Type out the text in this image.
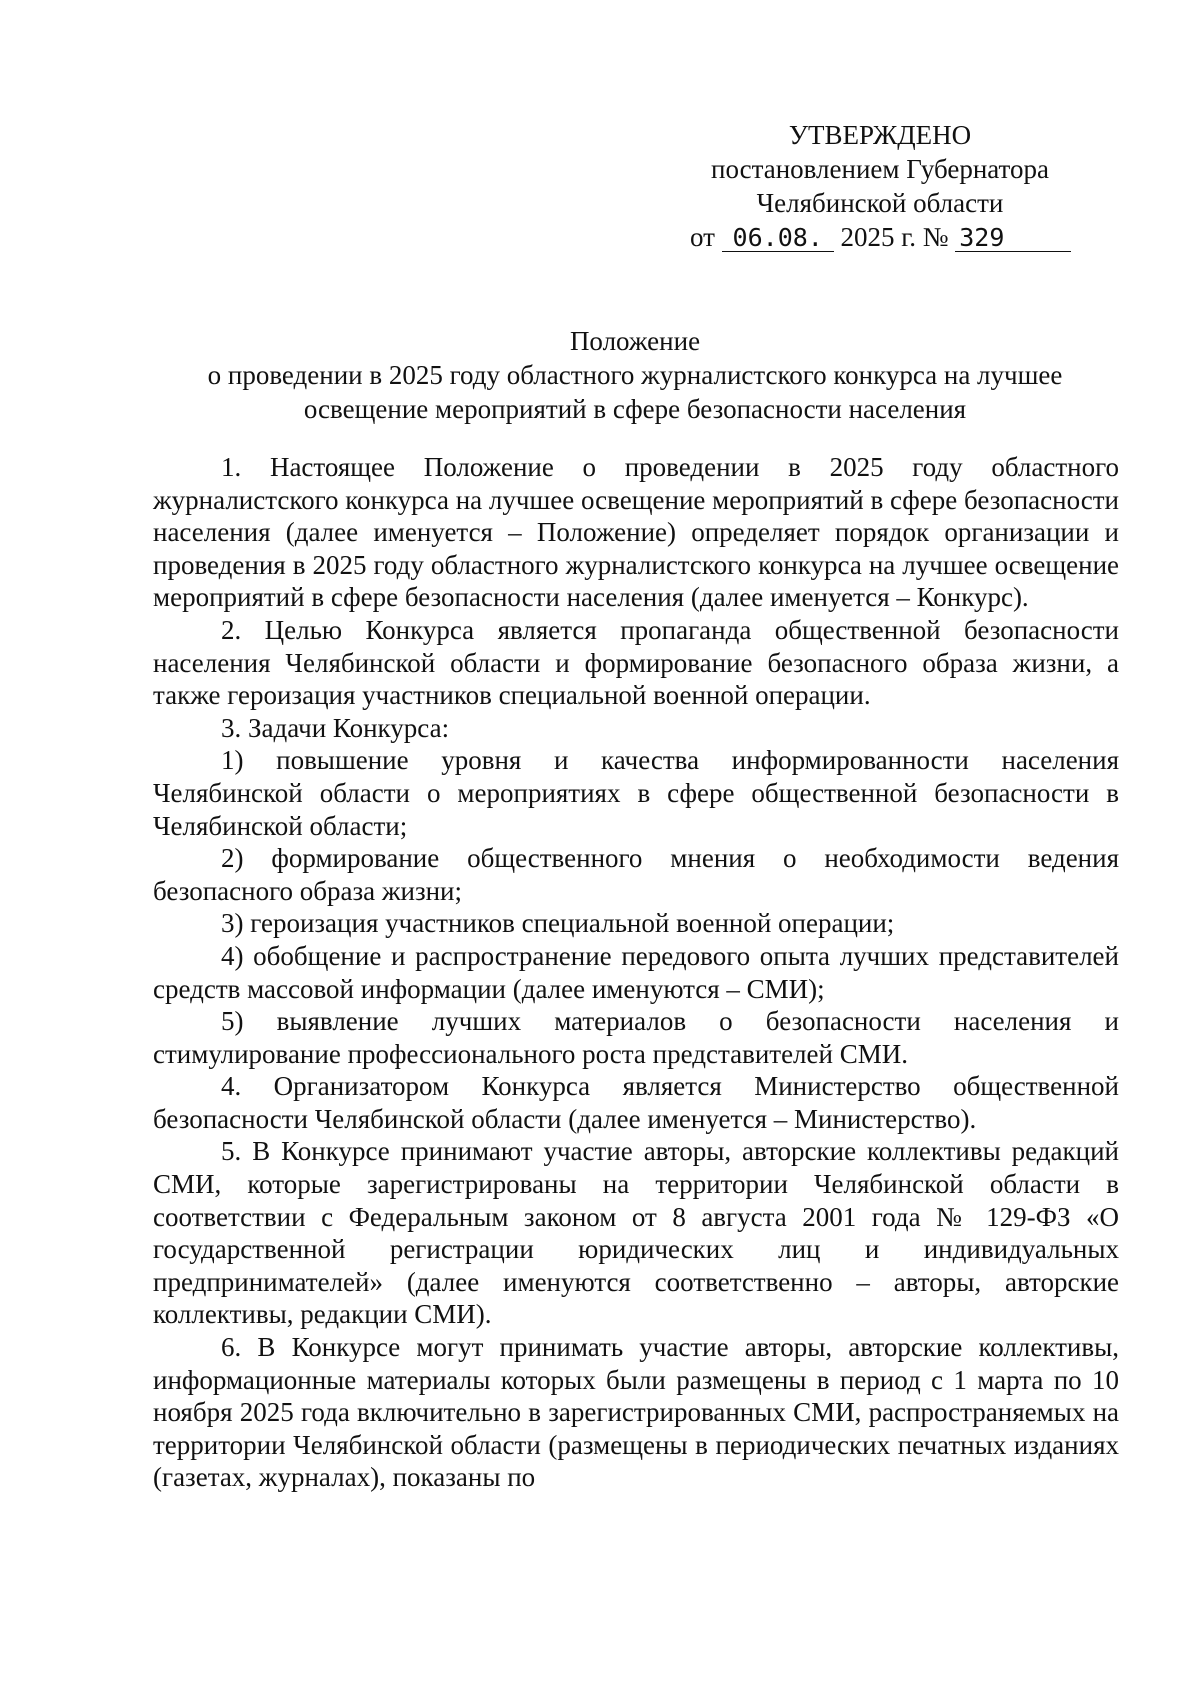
УТВЕРЖДЕНО
постановлением Губернатора
Челябинской области
от 06.08. 2025 г. № 329
Положение
о проведении в 2025 году областного журналистского конкурса на лучшее
освещение мероприятий в сфере безопасности населения

1. Настоящее Положение о проведении в 2025 году областного журналистского конкурса на лучшее освещение мероприятий в сфере безопасности населения (далее именуется – Положение) определяет порядок организации и проведения в 2025 году областного журналистского конкурса на лучшее освещение мероприятий в сфере безопасности населения (далее именуется – Конкурс).

2. Целью Конкурса является пропаганда общественной безопасности населения Челябинской области и формирование безопасного образа жизни, а также героизация участников специальной военной операции.

3. Задачи Конкурса:

1) повышение уровня и качества информированности населения Челябинской области о мероприятиях в сфере общественной безопасности в Челябинской области;

2) формирование общественного мнения о необходимости ведения безопасного образа жизни;

3) героизация участников специальной военной операции;

4) обобщение и распространение передового опыта лучших представителей средств массовой информации (далее именуются – СМИ);

5) выявление лучших материалов о безопасности населения и стимулирование профессионального роста представителей СМИ.

4. Организатором Конкурса является Министерство общественной безопасности Челябинской области (далее именуется – Министерство).

5. В Конкурсе принимают участие авторы, авторские коллективы редакций СМИ, которые зарегистрированы на территории Челябинской области в соответствии с Федеральным законом от 8 августа 2001 года № 129-ФЗ «О государственной регистрации юридических лиц и индивидуальных предпринимателей» (далее именуются соответственно – авторы, авторские коллективы, редакции СМИ).

6. В Конкурсе могут принимать участие авторы, авторские коллективы, информационные материалы которых были размещены в период с 1 марта по 10 ноября 2025 года включительно в зарегистрированных СМИ, распространяемых на территории Челябинской области (размещены в периодических печатных изданиях (газетах, журналах), показаны по
